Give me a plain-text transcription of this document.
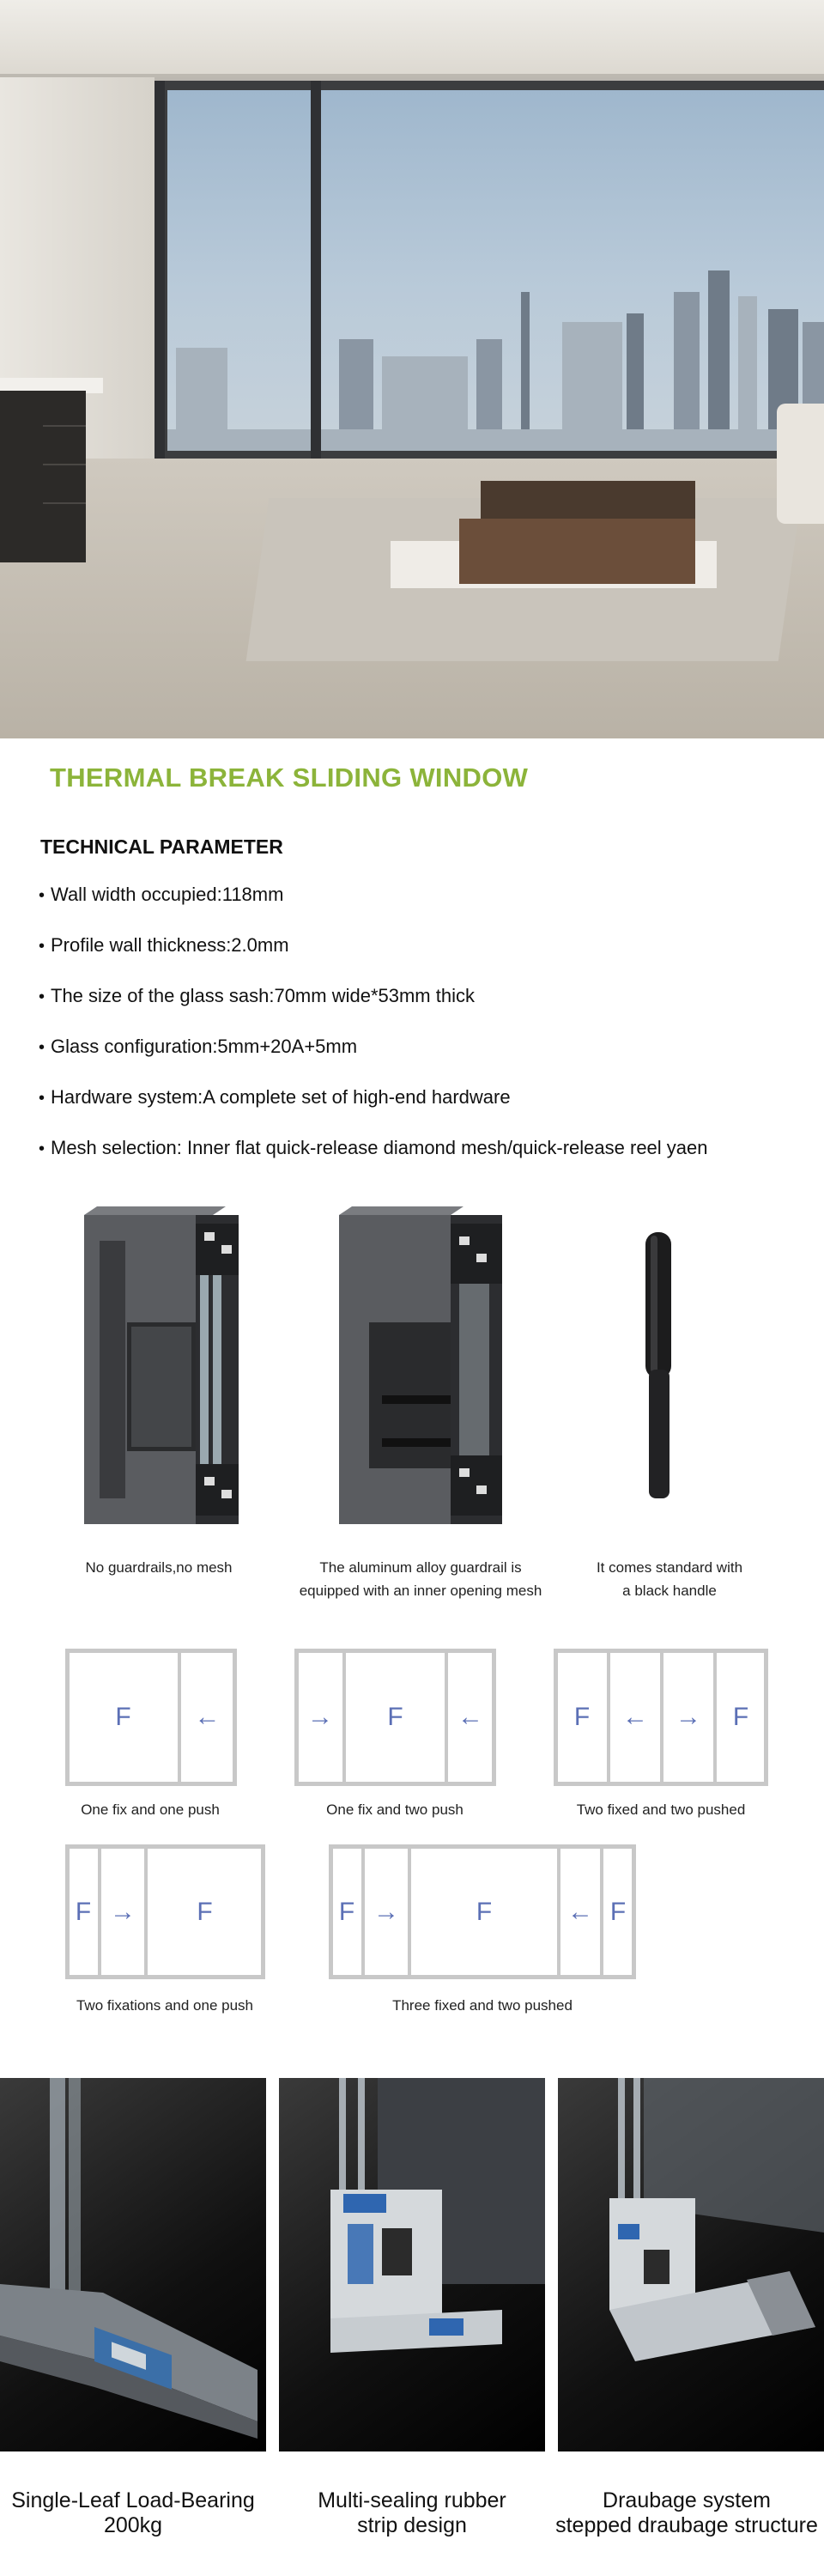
THERMAL BREAK SLIDING WINDOW
TECHNICAL PARAMETER
• Wall width occupied:118mm
• Profile wall thickness:2.0mm
• The size of the glass sash:70mm wide*53mm thick
• Glass configuration:5mm+20A+5mm
• Hardware system:A complete set of high-end hardware
• Mesh selection: Inner flat quick-release diamond mesh/quick-release reel yaen
No guardrails,no mesh	The aluminum alloy guardrail is equipped with an inner opening mesh
It comes standard with a black handle
F	←
One fix and one push
→	F	←
One fix and two push
F	←	→	F
Two fixed and two pushed
F →	F
Two fixations and one push
F →	F	← F
Three fixed and two pushed
Single-Leaf Load-Bearing
200kg
Multi-sealing rubber
strip design
Draubage system
stepped draubage structure
